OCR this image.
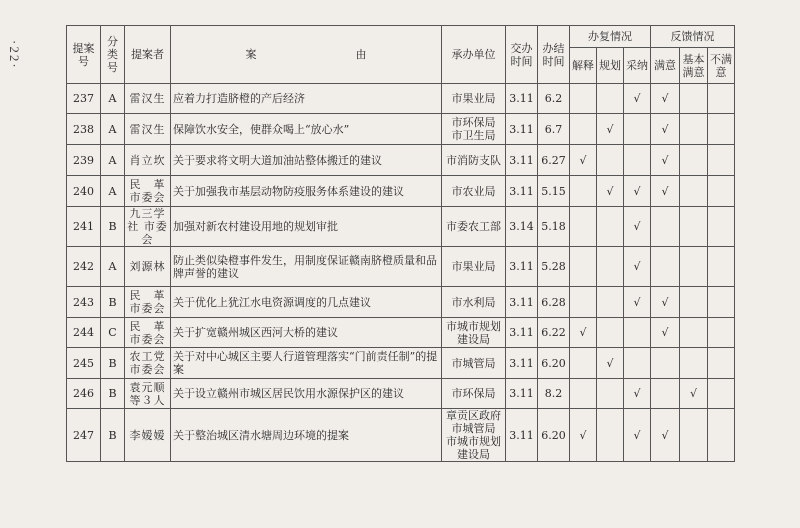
·22·	提案号	分类号	提案者	案　　　　　　　　　由	承办单位	交办时间	办结时间	办复情况			反馈情况		
							解释	规划	采纳	满意	基本满意	不满意
237	A	雷汉生	应着力打造脐橙的产后经济	市果业局	3.11	6.2			√	√		
238	A	雷汉生	保障饮水安全，使群众喝上“放心水”	市环保局
市卫生局	3.11	6.7		√		√		
239	A	肖立坎	关于要求将文明大道加油站整体搬迁的建议	市消防支队	3.11	6.27	√			√		
240	A	民　革 市委会	关于加强我市基层动物防疫服务体系建设的建议	市农业局	3.11	5.15		√	√	√		
241	B	九三学社 市委会	加强对新农村建设用地的规划审批	市委农工部	3.14	5.18			√			
242	A	刘源林	防止类似染橙事件发生，用制度保证赣南脐橙质量和品牌声誉的建议	市果业局	3.11	5.28			√			
243	B	民　革 市委会	关于优化上犹江水电资源调度的几点建议	市水利局	3.11	6.28			√	√		
244	C	民　革 市委会	关于扩宽赣州城区西河大桥的建议	市城市规划
建设局	3.11	6.22	√			√		
245	B	农工党 市委会	关于对中心城区主要人行道管理落实“门前责任制”的提案	市城管局	3.11	6.20		√				
246	B	袁元顺 等３人	关于设立赣州市城区居民饮用水源保护区的建议	市环保局	3.11	8.2			√		√	
247	B	李嫒嫒	关于整治城区清水塘周边环境的提案	章贡区政府
市城管局
市城市规划建设局	3.11	6.20	√		√	√		
